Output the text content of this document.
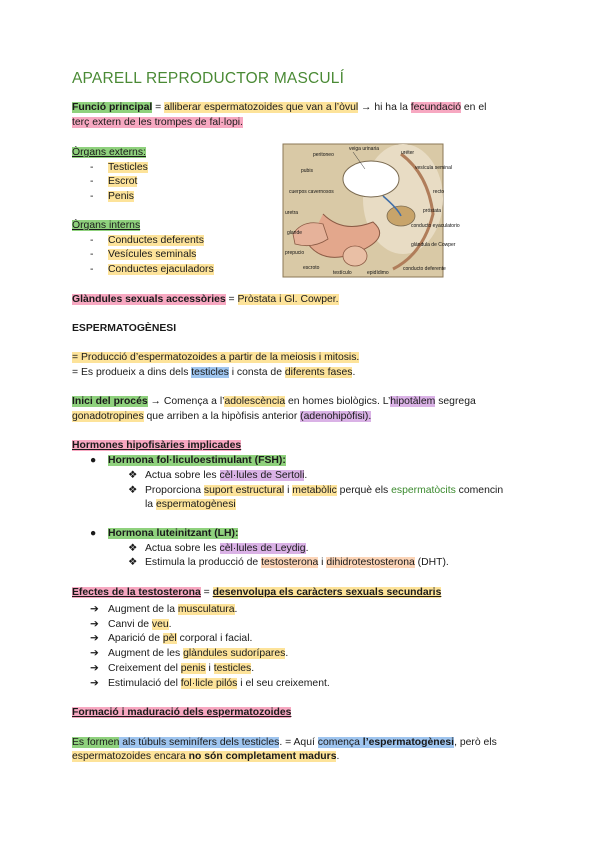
APARELL REPRODUCTOR MASCULÍ
Funció principal = alliberar espermatozoides que van a l’òvul → hi ha la fecundació en el
terç extern de les trompes de fal·lopi.
Òrgans externs:
- Testicles
- Escrot
- Penis
Òrgans interns
- Conductes deferents
- Vesícules seminals
- Conductes ejaculadors
veiga urinaria
peritoneo	uréter
vesícula seminal
pubis
cuerpos cavernosos	recto
uretra	próstata
conducto eyaculatorio
glande
glándula de Cowper
prepucio
escroto
testículo	epidídimo
conducto deferente
Glàndules sexuals accessòries = Pròstata i Gl. Cowper.
ESPERMATOGÈNESI
= Producció d’espermatozoides a partir de la meiosis i mitosis.
= Es produeix a dins dels testicles i consta de diferents fases.
Inici del procés → Comença a l’adolescència en homes biològics. L’hipotàlem segrega
gonadotropines que arriben a la hipòfisis anterior (adenohipòfisi).
Hormones hipofisàries implicades
● Hormona fol·liculoestimulant (FSH):
❖ Actua sobre les cèl·lules de Sertoli.
❖ Proporciona suport estructural i metabòlic perquè els espermatòcits comencin
la espermatogènesi
● Hormona luteinitzant (LH):
❖ Actua sobre les cèl·lules de Leydig.
❖ Estimula la producció de testosterona i dihidrotestosterona (DHT).
Efectes de la testosterona = desenvolupa els caràcters sexuals secundaris
➔ Augment de la musculatura.
➔ Canvi de veu.
➔ Aparició de pèl corporal i facial.
➔ Augment de les glàndules sudorípares.
➔ Creixement del penis i testicles.
➔ Estimulació del fol·licle pilós i el seu creixement.
Formació i maduració dels espermatozoides
Es formen als túbuls seminífers dels testicles. = Aquí comença l’espermatogènesi, però els
espermatozoides encara no són completament madurs.
